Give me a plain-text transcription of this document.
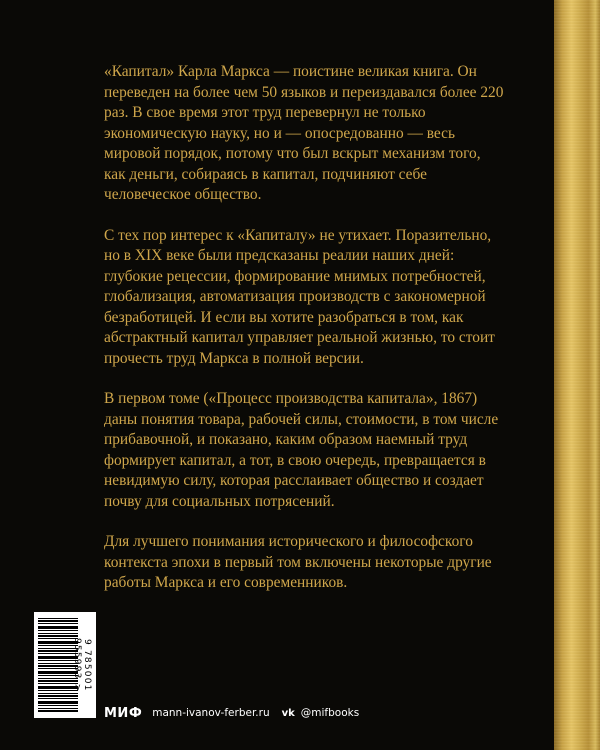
«Капитал» Карла Маркса — поистине великая книга. Он переведен на более чем 50 языков и переиздавался более 220 раз. В свое время этот труд перевернул не только экономическую науку, но и — опосредованно — весь мировой порядок, потому что был вскрыт механизм того, как деньги, собираясь в капитал, подчиняют себе человеческое общество.

С тех пор интерес к «Капиталу» не утихает. Поразительно, но в XIX веке были предсказаны реалии наших дней: глубокие рецессии, формирование мнимых потребностей, глобализация, автоматизация производств с закономерной безработицей. И если вы хотите разобраться в том, как абстрактный капитал управляет реальной жизнью, то стоит прочесть труд Маркса в полной версии.

В первом томе («Процесс производства капитала», 1867) даны понятия товара, рабочей силы, стоимости, в том числе прибавочной, и показано, каким образом наемный труд формирует капитал, а тот, в свою очередь, превращается в невидимую силу, которая расслаивает общество и создает почву для социальных потрясений.

Для лучшего понимания исторического и философского контекста эпохи в первый том включены некоторые другие работы Маркса и его современников.

9 785001 955993 >
МИФ mann-ivanov-ferber.ru vk @mifbooks
